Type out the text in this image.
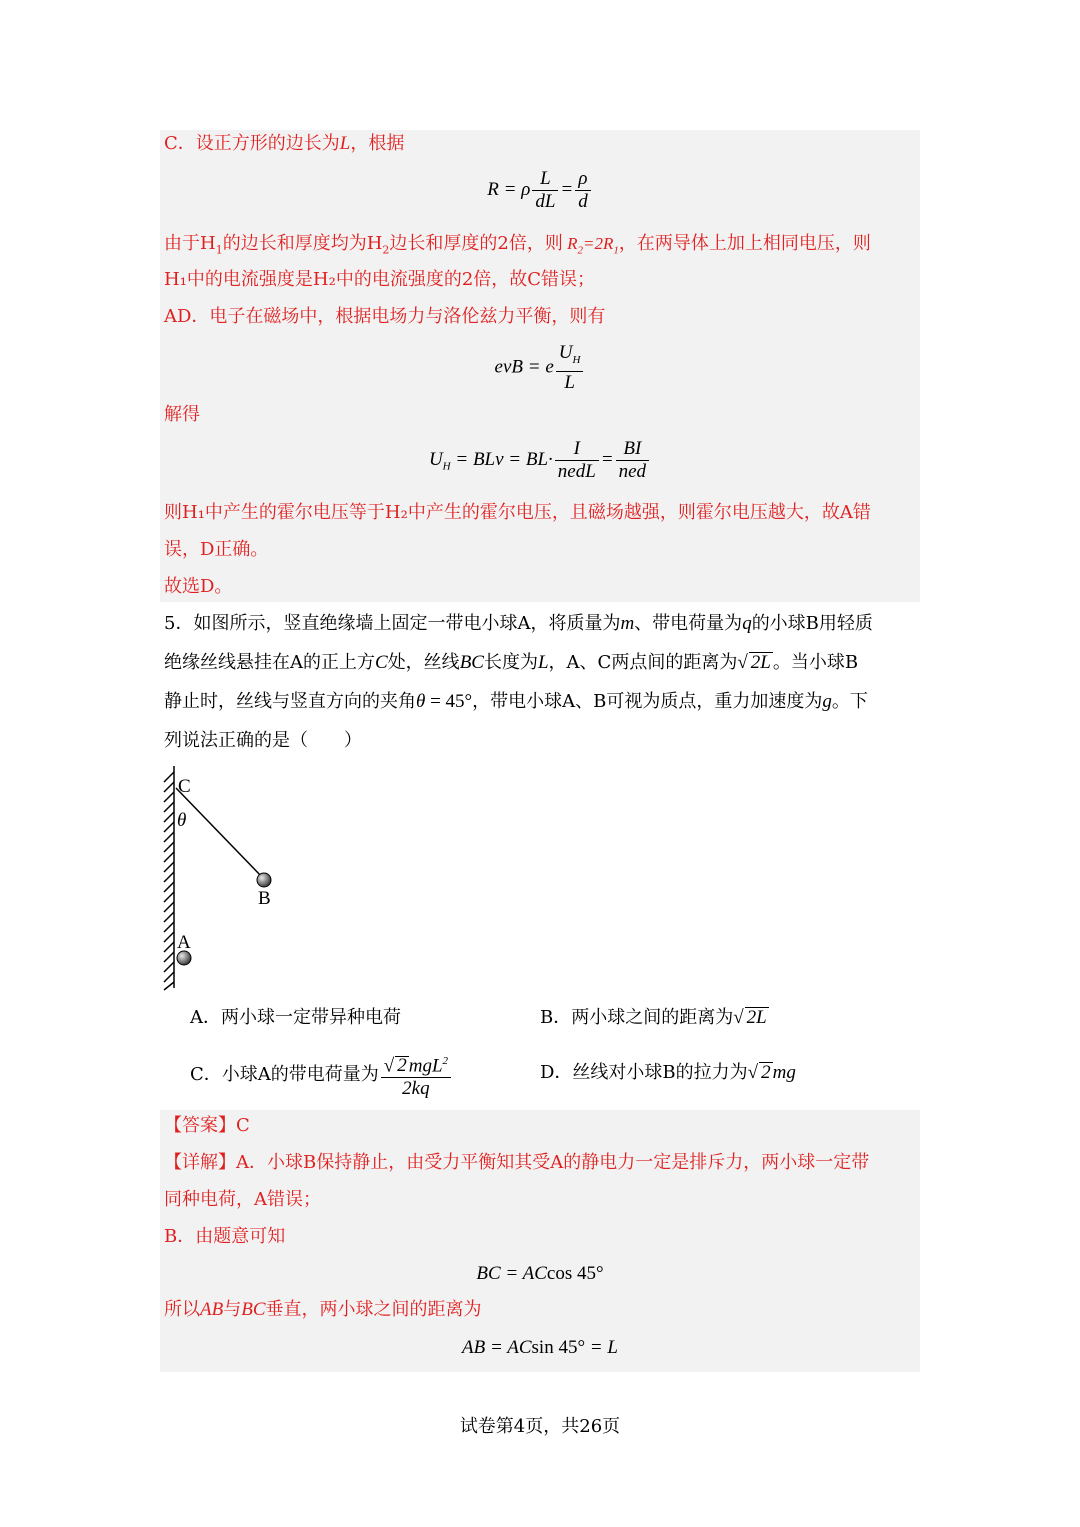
C．设正方形的边长为L，根据
R = ρ $\frac{L}{dL} = \frac{\rho}{d}$
由于$H_1$的边长和厚度均为$H_2$边长和厚度的2倍，则 $R_2=2R_1$，在两导体上加上相同电压，则
H₁中的电流强度是H₂中的电流强度的2倍，故C错误；
AD．电子在磁场中，根据电场力与洛伦兹力平衡，则有
evB = e $\frac{U_H}{L}$
解得
$U_H$ = BLv = $BL\cdot \frac{I}{\text{nedL}} = \frac{BI}{\text{ned}}$
则H₁中产生的霍尔电压等于H₂中产生的霍尔电压，且磁场越强，则霍尔电压越大，故A错
误，D正确。
故选D。
5．如图所示，竖直绝缘墙上固定一带电小球A，将质量为m、带电荷量为q的小球B用轻质
绝缘丝线悬挂在A的正上方C处，丝线BC长度为L，A、C两点间的距离为√ 2L 。当小球B
静止时，丝线与竖直方向的夹角θ = 45°，带电小球A、B可视为质点，重力加速度为g。下
列说法正确的是（　　）
C
θ
B
A
A．两小球一定带异种电荷	B．两小球之间的距离为√ 2L
C．小球A的带电荷量为 $\frac{√ 2 mgL^2}{2kq}$	D．丝线对小球B的拉力为√ 2 mg
【答案】C
【详解】A．小球B保持静止，由受力平衡知其受A的静电力一定是排斥力，两小球一定带
同种电荷，A错误；
B．由题意可知
BC = ACcos 45°
所以AB与BC垂直，两小球之间的距离为
AB = ACsin 45° = L
试卷第4页，共26页
